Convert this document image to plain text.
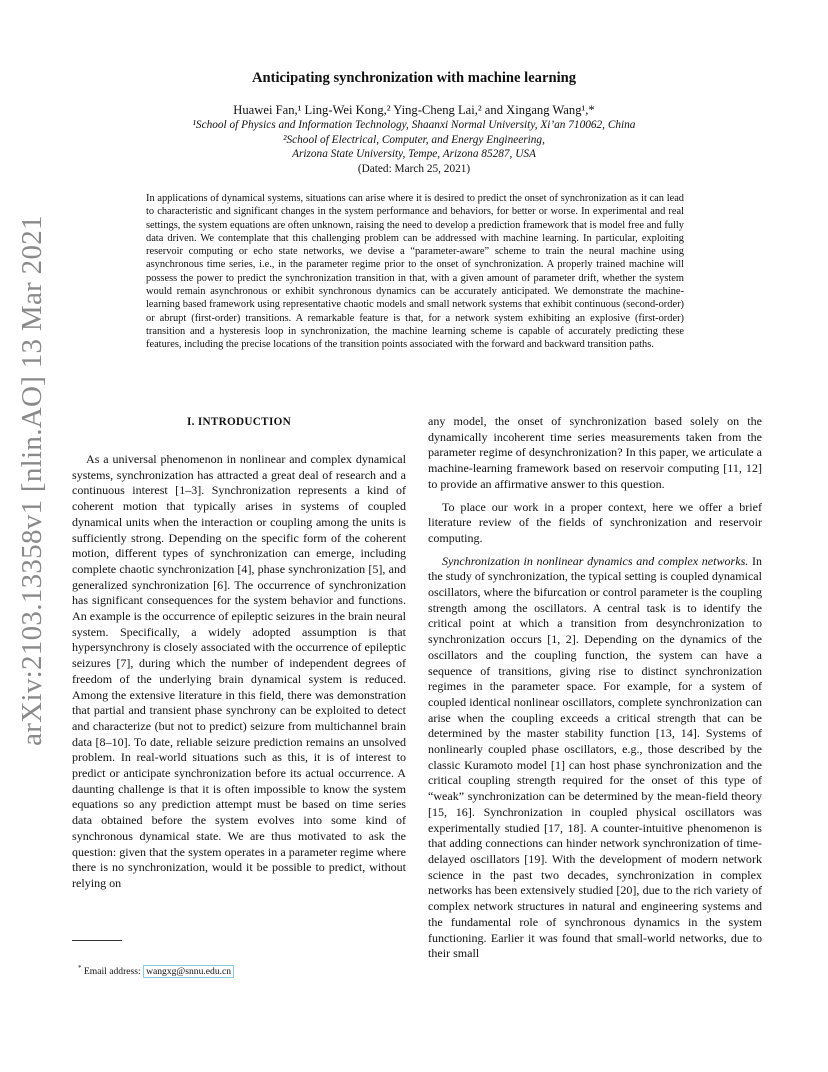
arXiv:2103.13358v1 [nlin.AO] 13 Mar 2021
Anticipating synchronization with machine learning
Huawei Fan,¹ Ling-Wei Kong,² Ying-Cheng Lai,² and Xingang Wang¹,*
¹School of Physics and Information Technology, Shaanxi Normal University, Xi’an 710062, China
²School of Electrical, Computer, and Energy Engineering,
Arizona State University, Tempe, Arizona 85287, USA
(Dated: March 25, 2021)
In applications of dynamical systems, situations can arise where it is desired to predict the onset of synchronization as it can lead to characteristic and significant changes in the system performance and behaviors, for better or worse. In experimental and real settings, the system equations are often unknown, raising the need to develop a prediction framework that is model free and fully data driven. We contemplate that this challenging problem can be addressed with machine learning. In particular, exploiting reservoir computing or echo state networks, we devise a “parameter-aware” scheme to train the neural machine using asynchronous time series, i.e., in the parameter regime prior to the onset of synchronization. A properly trained machine will possess the power to predict the synchronization transition in that, with a given amount of parameter drift, whether the system would remain asynchronous or exhibit synchronous dynamics can be accurately anticipated. We demonstrate the machine-learning based framework using representative chaotic models and small network systems that exhibit continuous (second-order) or abrupt (first-order) transitions. A remarkable feature is that, for a network system exhibiting an explosive (first-order) transition and a hysteresis loop in synchronization, the machine learning scheme is capable of accurately predicting these features, including the precise locations of the transition points associated with the forward and backward transition paths.
I. INTRODUCTION

As a universal phenomenon in nonlinear and complex dynamical systems, synchronization has attracted a great deal of research and a continuous interest [1–3]. Synchronization represents a kind of coherent motion that typically arises in systems of coupled dynamical units when the interaction or coupling among the units is sufficiently strong. Depending on the specific form of the coherent motion, different types of synchronization can emerge, including complete chaotic synchronization [4], phase synchronization [5], and generalized synchronization [6]. The occurrence of synchronization has significant consequences for the system behavior and functions. An example is the occurrence of epileptic seizures in the brain neural system. Specifically, a widely adopted assumption is that hypersynchrony is closely associated with the occurrence of epileptic seizures [7], during which the number of independent degrees of freedom of the underlying brain dynamical system is reduced. Among the extensive literature in this field, there was demonstration that partial and transient phase synchrony can be exploited to detect and characterize (but not to predict) seizure from multichannel brain data [8–10]. To date, reliable seizure prediction remains an unsolved problem. In real-world situations such as this, it is of interest to predict or anticipate synchronization before its actual occurrence. A daunting challenge is that it is often impossible to know the system equations so any prediction attempt must be based on time series data obtained before the system evolves into some kind of synchronous dynamical state. We are thus motivated to ask the question: given that the system operates in a parameter regime where there is no synchronization, would it be possible to predict, without relying on

any model, the onset of synchronization based solely on the dynamically incoherent time series measurements taken from the parameter regime of desynchronization? In this paper, we articulate a machine-learning framework based on reservoir computing [11, 12] to provide an affirmative answer to this question.

To place our work in a proper context, here we offer a brief literature review of the fields of synchronization and reservoir computing.

Synchronization in nonlinear dynamics and complex networks. In the study of synchronization, the typical setting is coupled dynamical oscillators, where the bifurcation or control parameter is the coupling strength among the oscillators. A central task is to identify the critical point at which a transition from desynchronization to synchronization occurs [1, 2]. Depending on the dynamics of the oscillators and the coupling function, the system can have a sequence of transitions, giving rise to distinct synchronization regimes in the parameter space. For example, for a system of coupled identical nonlinear oscillators, complete synchronization can arise when the coupling exceeds a critical strength that can be determined by the master stability function [13, 14]. Systems of nonlinearly coupled phase oscillators, e.g., those described by the classic Kuramoto model [1] can host phase synchronization and the critical coupling strength required for the onset of this type of “weak” synchronization can be determined by the mean-field theory [15, 16]. Synchronization in coupled physical oscillators was experimentally studied [17, 18]. A counter-intuitive phenomenon is that adding connections can hinder network synchronization of time-delayed oscillators [19]. With the development of modern network science in the past two decades, synchronization in complex networks has been extensively studied [20], due to the rich variety of complex network structures in natural and engineering systems and the fundamental role of synchronous dynamics in the system functioning. Earlier it was found that small-world networks, due to their small

* Email address: wangxg@snnu.edu.cn
